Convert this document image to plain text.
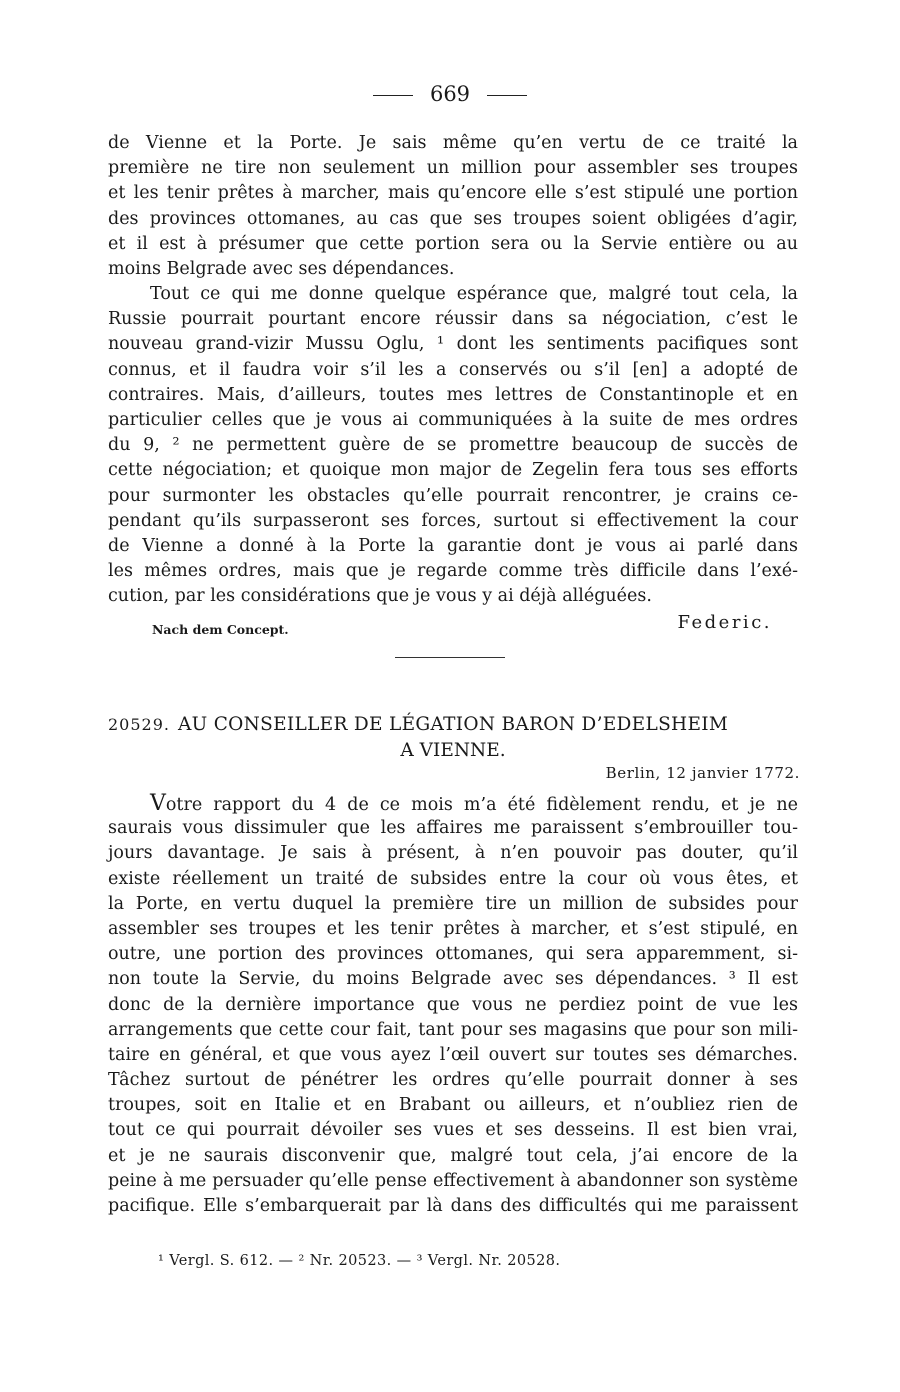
669
de Vienne et la Porte. Je sais même qu’en vertu de ce traité la
première ne tire non seulement un million pour assembler ses troupes
et les tenir prêtes à marcher, mais qu’encore elle s’est stipulé une portion
des provinces ottomanes, au cas que ses troupes soient obligées d’agir,
et il est à présumer que cette portion sera ou la Servie entière ou au
moins Belgrade avec ses dépendances.
Tout ce qui me donne quelque espérance que, malgré tout cela, la
Russie pourrait pourtant encore réussir dans sa négociation, c’est le
nouveau grand-vizir Mussu Oglu, ¹ dont les sentiments pacifiques sont
connus, et il faudra voir s’il les a conservés ou s’il [en] a adopté de
contraires. Mais, d’ailleurs, toutes mes lettres de Constantinople et en
particulier celles que je vous ai communiquées à la suite de mes ordres
du 9, ² ne permettent guère de se promettre beaucoup de succès de
cette négociation; et quoique mon major de Zegelin fera tous ses efforts
pour surmonter les obstacles qu’elle pourrait rencontrer, je crains ce-
pendant qu’ils surpasseront ses forces, surtout si effectivement la cour
de Vienne a donné à la Porte la garantie dont je vous ai parlé dans
les mêmes ordres, mais que je regarde comme très difficile dans l’exé-
cution, par les considérations que je vous y ai déjà alléguées.
Nach dem Concept.	Federic.
20529. AU CONSEILLER DE LÉGATION BARON D’EDELSHEIM
A VIENNE.
Berlin, 12 janvier 1772.
Votre rapport du 4 de ce mois m’a été fidèlement rendu, et je ne
saurais vous dissimuler que les affaires me paraissent s’embrouiller tou-
jours davantage. Je sais à présent, à n’en pouvoir pas douter, qu’il
existe réellement un traité de subsides entre la cour où vous êtes, et
la Porte, en vertu duquel la première tire un million de subsides pour
assembler ses troupes et les tenir prêtes à marcher, et s’est stipulé, en
outre, une portion des provinces ottomanes, qui sera apparemment, si-
non toute la Servie, du moins Belgrade avec ses dépendances. ³ Il est
donc de la dernière importance que vous ne perdiez point de vue les
arrangements que cette cour fait, tant pour ses magasins que pour son mili-
taire en général, et que vous ayez l’œil ouvert sur toutes ses démarches.
Tâchez surtout de pénétrer les ordres qu’elle pourrait donner à ses
troupes, soit en Italie et en Brabant ou ailleurs, et n’oubliez rien de
tout ce qui pourrait dévoiler ses vues et ses desseins. Il est bien vrai,
et je ne saurais disconvenir que, malgré tout cela, j’ai encore de la
peine à me persuader qu’elle pense effectivement à abandonner son système
pacifique. Elle s’embarquerait par là dans des difficultés qui me paraissent
¹ Vergl. S. 612. — ² Nr. 20523. — ³ Vergl. Nr. 20528.
